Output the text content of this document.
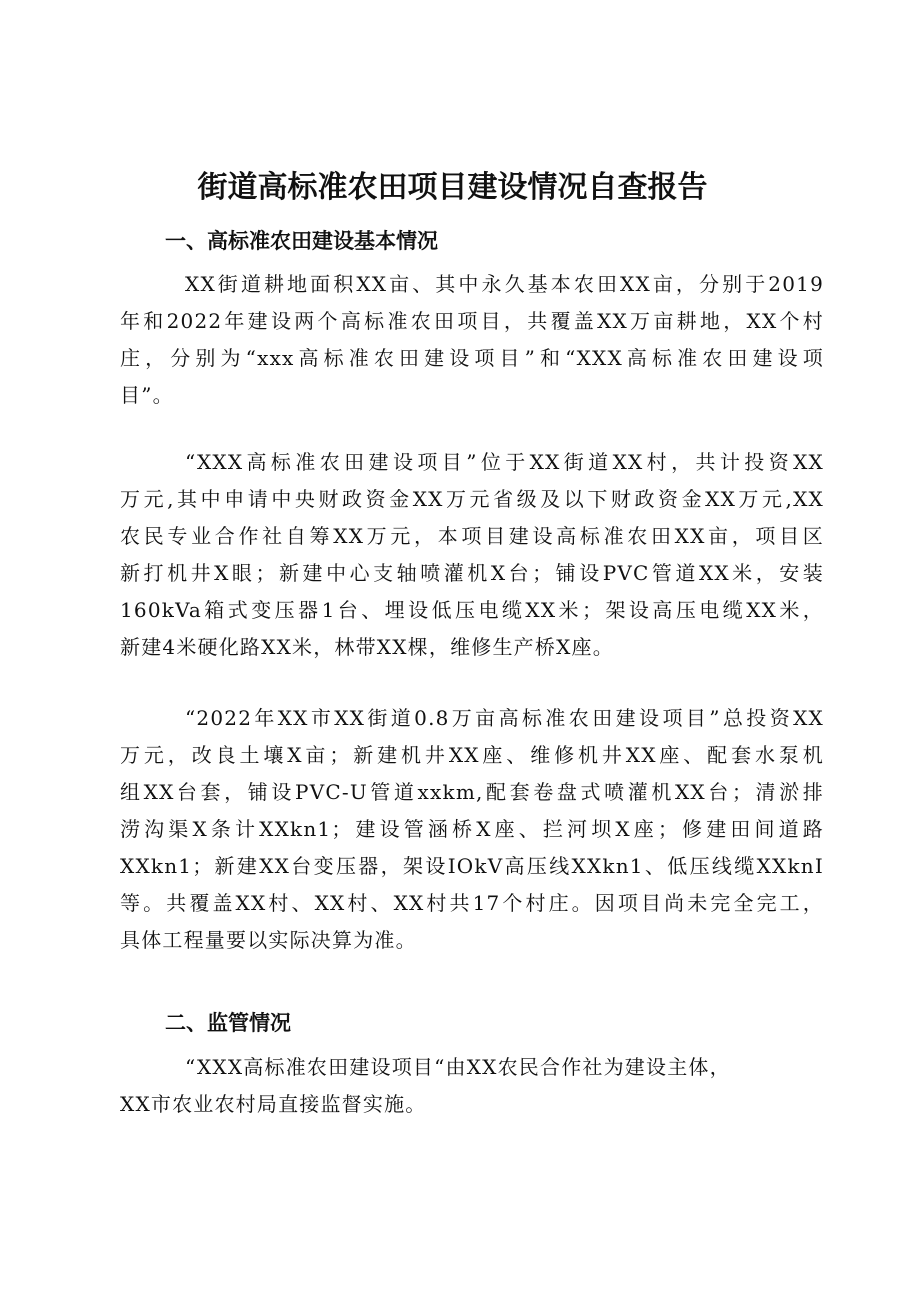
街道高标准农田项目建设情况自查报告
一、高标准农田建设基本情况

XX街道耕地面积XX亩、其中永久基本农田XX亩，分别于2019
年和2022年建设两个高标准农田项目，共覆盖XX万亩耕地，XX个村
庄，分别为“xxx高标准农田建设项目”和“XXX高标准农田建设项
目”。

“XXX高标准农田建设项目”位于XX街道XX村，共计投资XX
万元,其中申请中央财政资金XX万元省级及以下财政资金XX万元,XX
农民专业合作社自筹XX万元，本项目建设高标准农田XX亩，项目区
新打机井X眼；新建中心支轴喷灌机X台；铺设PVC管道XX米，安装
160kVa箱式变压器1台、埋设低压电缆XX米；架设高压电缆XX米，
新建4米硬化路XX米，林带XX棵，维修生产桥X座。

“2022年XX市XX街道0.8万亩高标准农田建设项目”总投资XX
万元，改良土壤X亩；新建机井XX座、维修机井XX座、配套水泵机
组XX台套，铺设PVC-U管道xxkm,配套卷盘式喷灌机XX台；清淤排
涝沟渠X条计XXkn1；建设管涵桥X座、拦河坝X座；修建田间道路
XXkn1；新建XX台变压器，架设IOkV高压线XXkn1、低压线缆XXknI
等。共覆盖XX村、XX村、XX村共17个村庄。因项目尚未完全完工，
具体工程量要以实际决算为准。

二、监管情况

“XXX高标准农田建设项目“由XX农民合作社为建设主体，
XX市农业农村局直接监督实施。
